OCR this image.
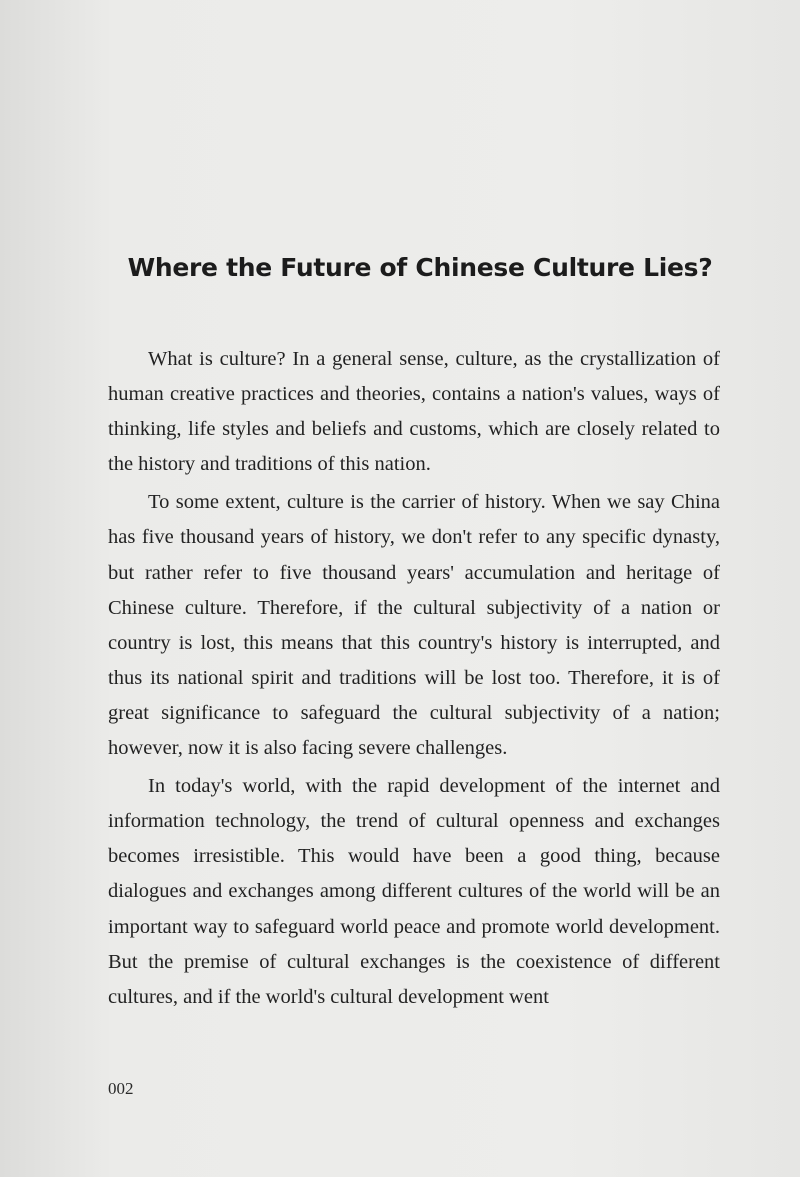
Where the Future of Chinese Culture Lies?

What is culture? In a general sense, culture, as the crystallization of human creative practices and theories, contains a nation's values, ways of thinking, life styles and beliefs and customs, which are closely related to the history and traditions of this nation.

To some extent, culture is the carrier of history. When we say China has five thousand years of history, we don't refer to any specific dynasty, but rather refer to five thousand years' accumulation and heritage of Chinese culture. Therefore, if the cultural subjectivity of a nation or country is lost, this means that this country's history is interrupted, and thus its national spirit and traditions will be lost too. Therefore, it is of great significance to safeguard the cultural subjectivity of a nation; however, now it is also facing severe challenges.

In today's world, with the rapid development of the internet and information technology, the trend of cultural openness and exchanges becomes irresistible. This would have been a good thing, because dialogues and exchanges among different cultures of the world will be an important way to safeguard world peace and promote world development. But the premise of cultural exchanges is the coexistence of different cultures, and if the world's cultural development went

002
